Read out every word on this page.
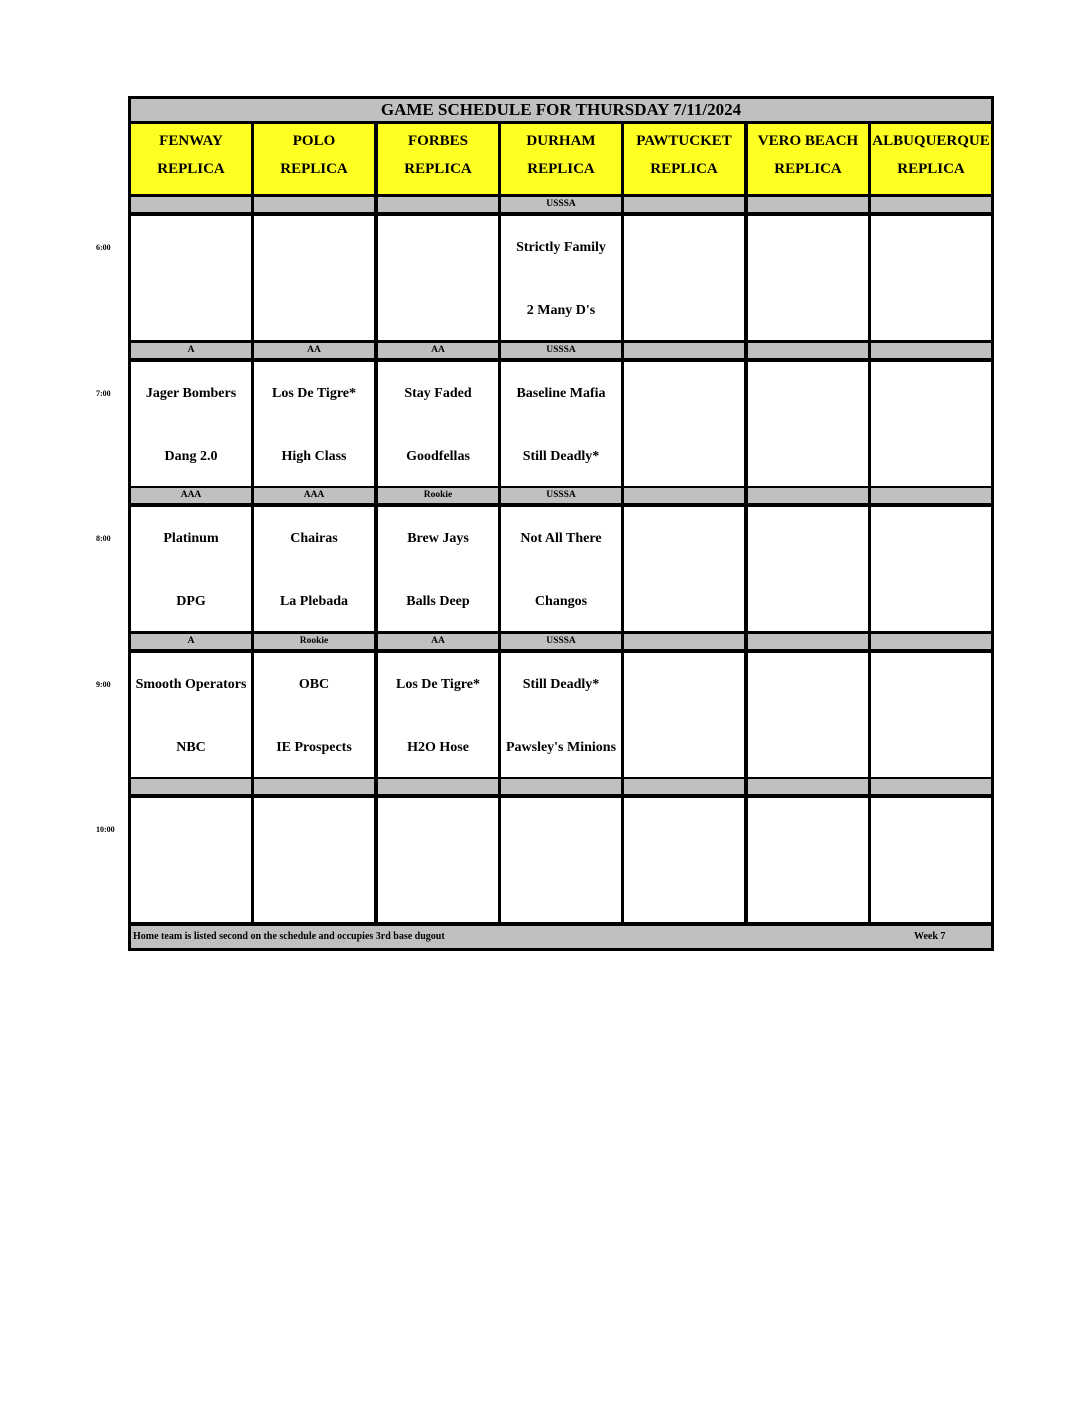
6:00
7:00
8:00
9:00
10:00
GAME SCHEDULE FOR THURSDAY 7/11/2024
FENWAY
REPLICA
POLO
REPLICA
FORBES
REPLICA
DURHAM
REPLICA
PAWTUCKET
REPLICA
VERO BEACH
REPLICA
ALBUQUERQUE
REPLICA
USSSA
Strictly Family
2 Many D's
A
Jager Bombers
Dang 2.0
AA
Los De Tigre*
High Class
AA
Stay Faded
Goodfellas
USSSA
Baseline Mafia
Still Deadly*
AAA
Platinum
DPG
AAA
Chairas
La Plebada
Rookie
Brew Jays
Balls Deep
USSSA
Not All There
Changos
A
Smooth Operators
NBC
Rookie
OBC
IE Prospects
AA
Los De Tigre*
H2O Hose
USSSA
Still Deadly*
Pawsley's Minions
Home team is listed second on the schedule and occupies 3rd base dugout	Week 7
